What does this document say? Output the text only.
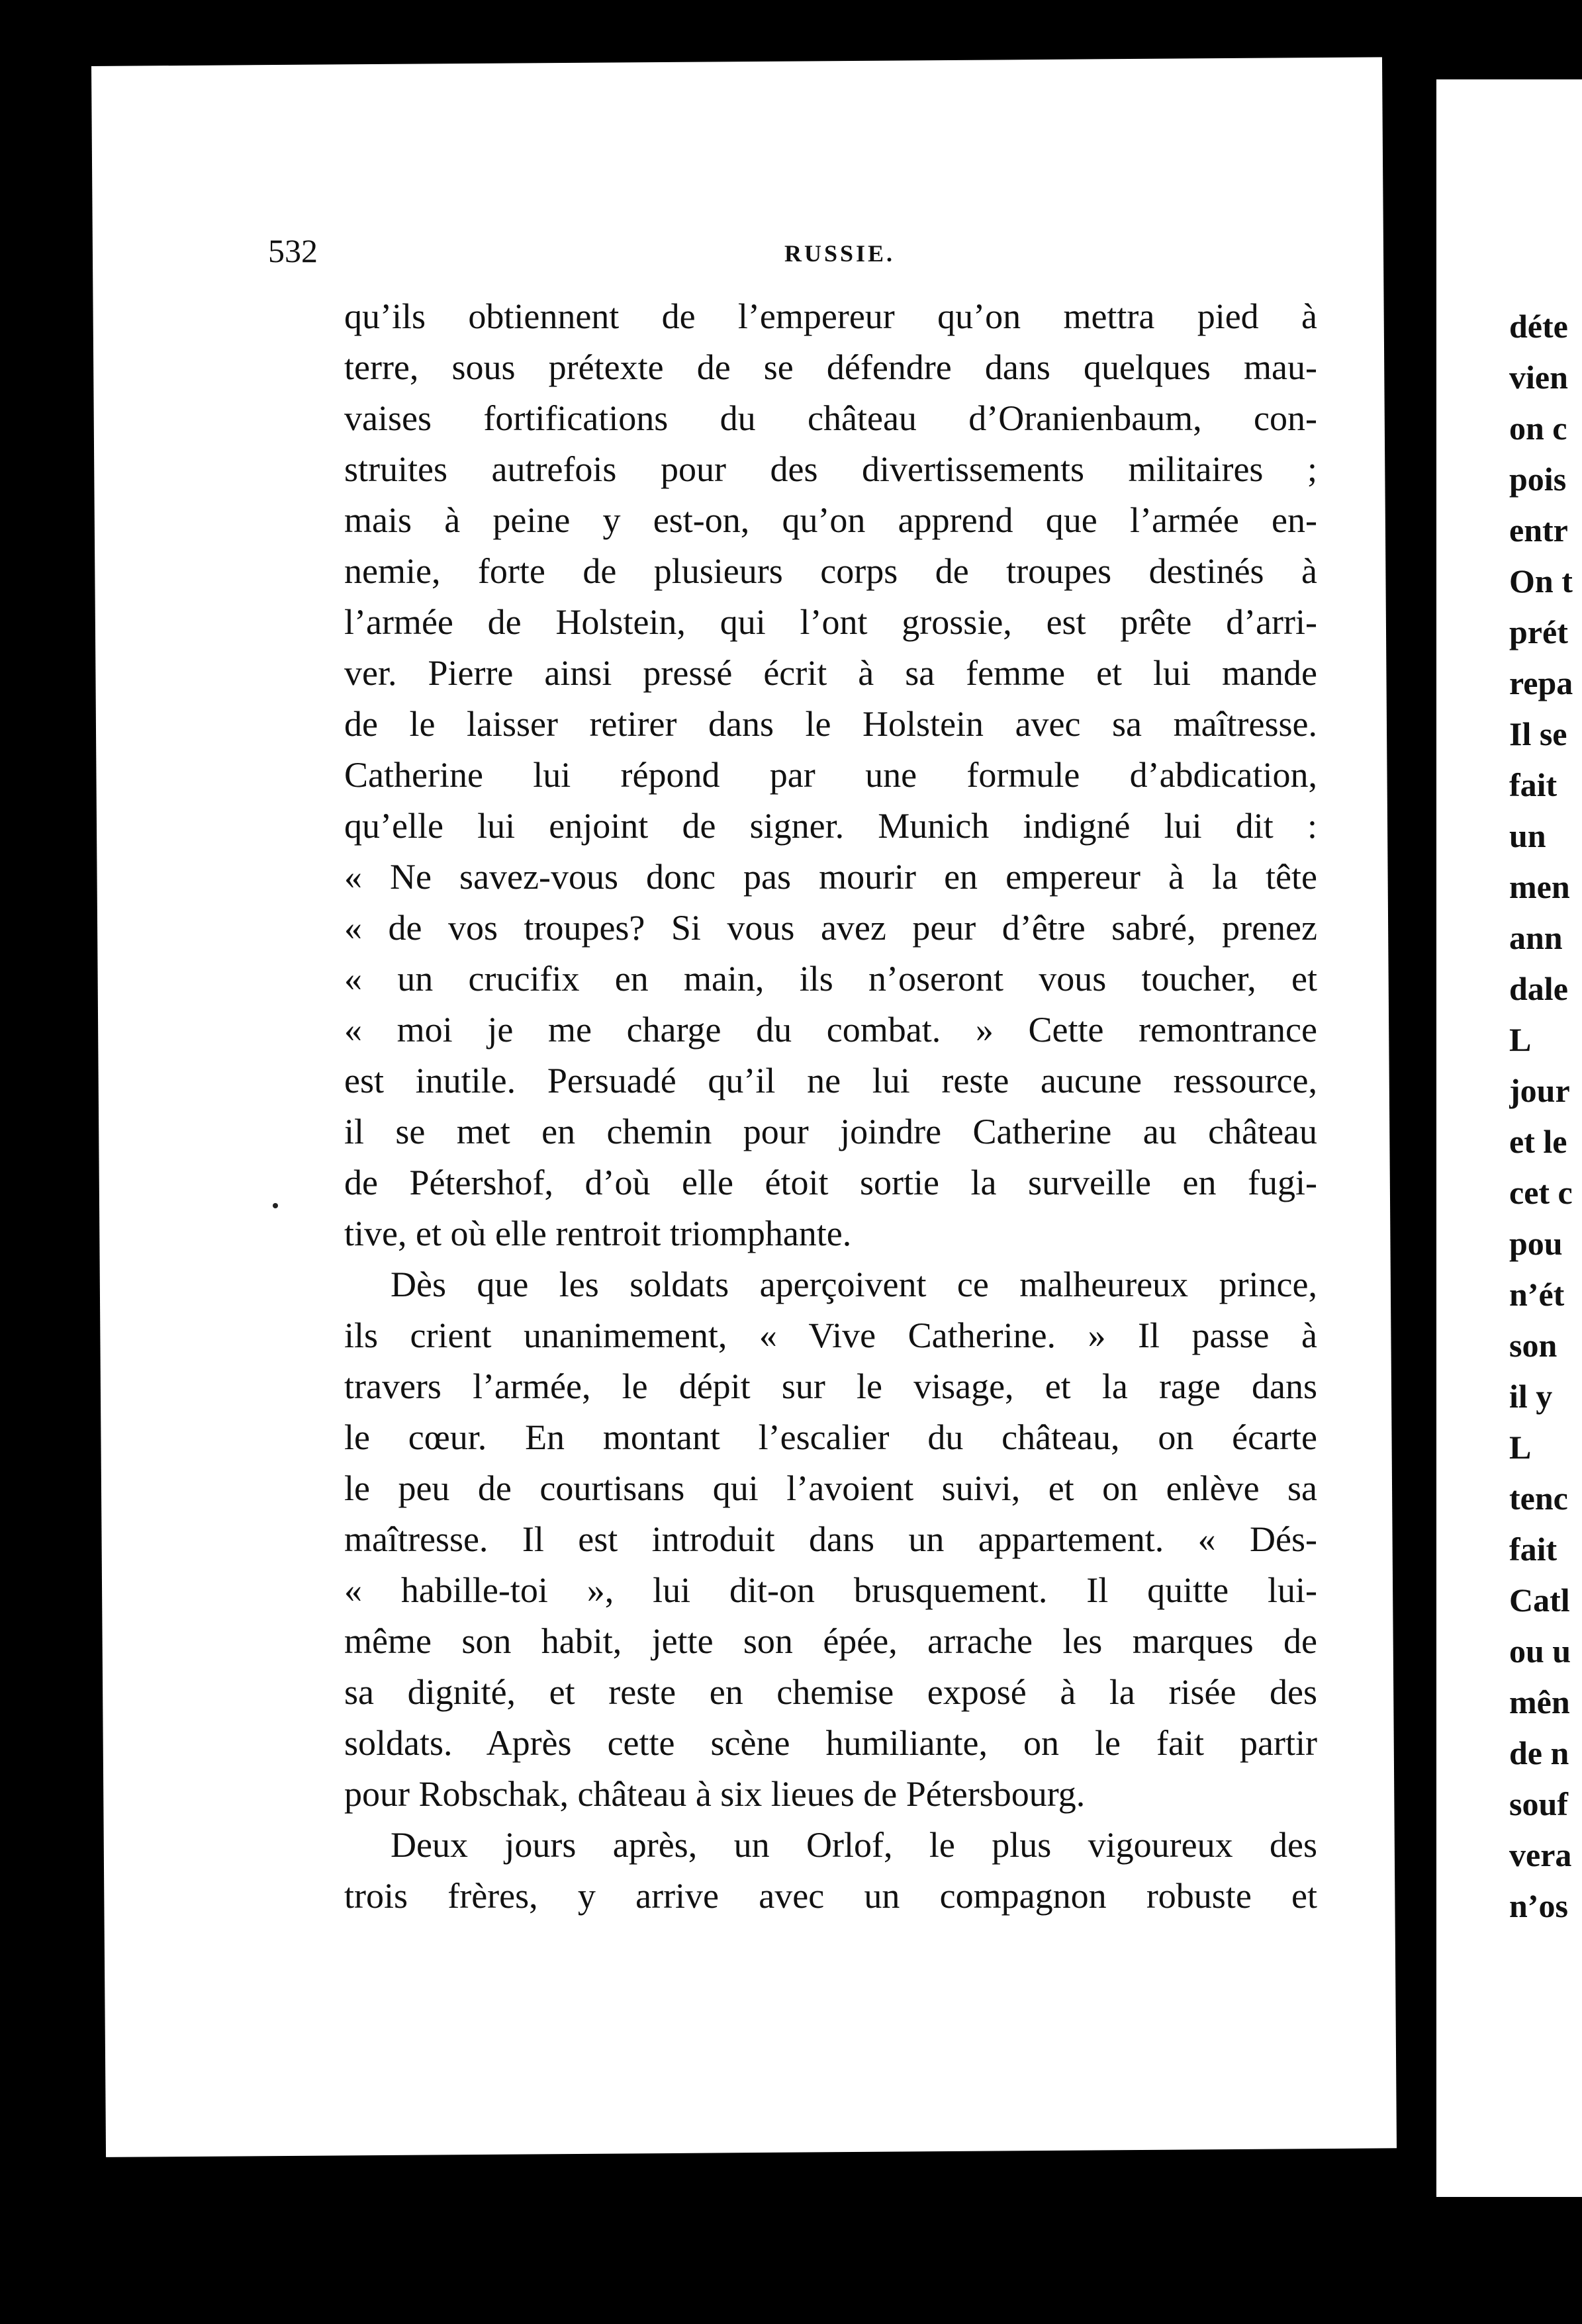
532	RUSSIE.
qu’ils obtiennent de l’empereur qu’on mettra pied à
terre, sous prétexte de se défendre dans quelques mau-
vaises fortifications du château d’Oranienbaum, con-
struites autrefois pour des divertissements militaires ;
mais à peine y est-on, qu’on apprend que l’armée en-
nemie, forte de plusieurs corps de troupes destinés à
l’armée de Holstein, qui l’ont grossie, est prête d’arri-
ver. Pierre ainsi pressé écrit à sa femme et lui mande
de le laisser retirer dans le Holstein avec sa maîtresse.
Catherine lui répond par une formule d’abdication,
qu’elle lui enjoint de signer. Munich indigné lui dit :
« Ne savez-vous donc pas mourir en empereur à la tête
« de vos troupes? Si vous avez peur d’être sabré, prenez
« un crucifix en main, ils n’oseront vous toucher, et
« moi je me charge du combat. » Cette remontrance
est inutile. Persuadé qu’il ne lui reste aucune ressource,
il se met en chemin pour joindre Catherine au château
de Pétershof, d’où elle étoit sortie la surveille en fugi-
tive, et où elle rentroit triomphante.
Dès que les soldats aperçoivent ce malheureux prince,
ils crient unanimement, « Vive Catherine. » Il passe à
travers l’armée, le dépit sur le visage, et la rage dans
le cœur. En montant l’escalier du château, on écarte
le peu de courtisans qui l’avoient suivi, et on enlève sa
maîtresse. Il est introduit dans un appartement. « Dés-
« habille-toi », lui dit-on brusquement. Il quitte lui-
même son habit, jette son épée, arrache les marques de
sa dignité, et reste en chemise exposé à la risée des
soldats. Après cette scène humiliante, on le fait partir
pour Robschak, château à six lieues de Pétersbourg.
Deux jours après, un Orlof, le plus vigoureux des
trois frères, y arrive avec un compagnon robuste et
déte
vien
on c
pois
entr
On t
prét
repa
Il se
fait
un
men
ann
dale
L
jour
et le
cet c
pou
n’ét
son
il y
L
tenc
fait
Catl
ou u
mên
de n
souf
vera
n’os
